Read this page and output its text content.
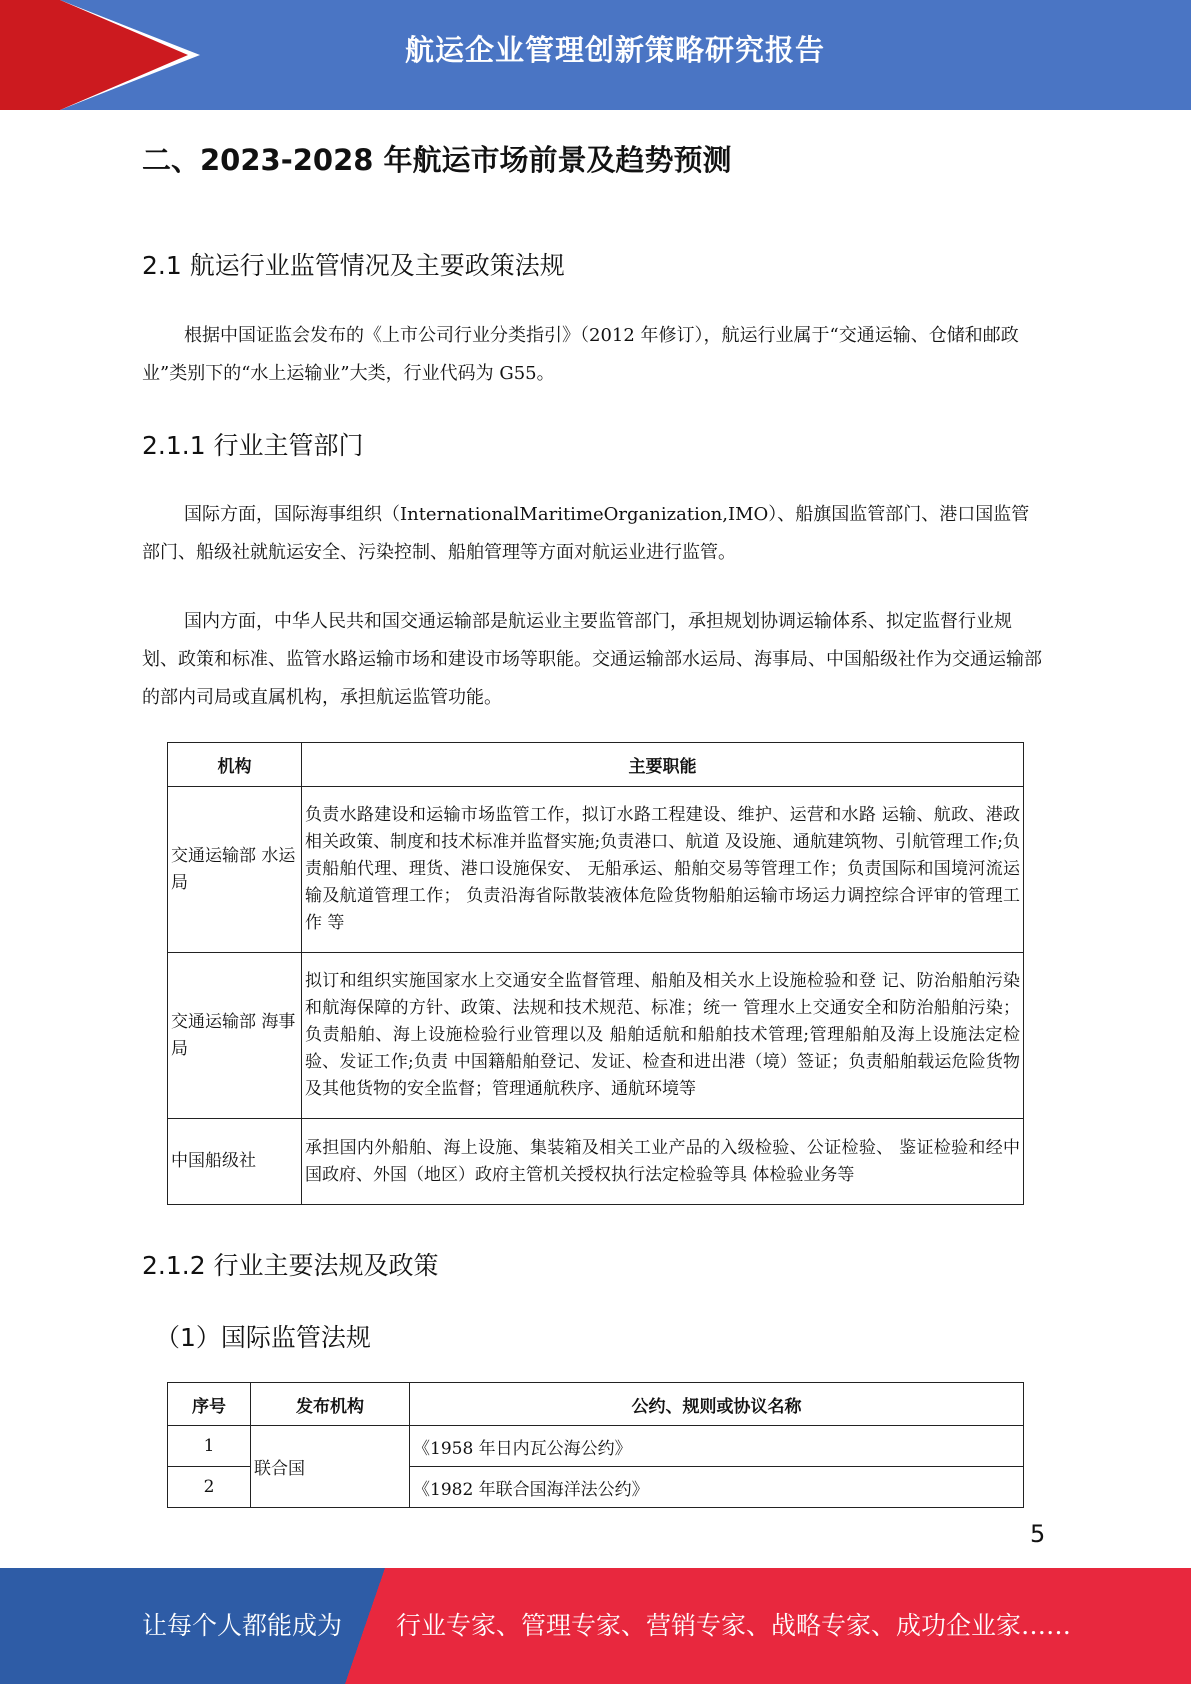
航运企业管理创新策略研究报告
二、2023-2028 年航运市场前景及趋势预测
2.1 航运行业监管情况及主要政策法规
根据中国证监会发布的《上市公司行业分类指引》（2012 年修订），航运行业属于“交通运输、仓储和邮政业”类别下的“水上运输业”大类，行业代码为 G55。
2.1.1 行业主管部门
国际方面，国际海事组织（InternationalMaritimeOrganization,IMO）、船旗国监管部门、港口国监管部门、船级社就航运安全、污染控制、船舶管理等方面对航运业进行监管。
国内方面，中华人民共和国交通运输部是航运业主要监管部门，承担规划协调运输体系、拟定监督行业规划、政策和标准、监管水路运输市场和建设市场等职能。交通运输部水运局、海事局、中国船级社作为交通运输部的部内司局或直属机构，承担航运监管功能。
机构	主要职能
交通运输部 水运局	负责水路建设和运输市场监管工作，拟订水路工程建设、维护、运营和水路 运输、航政、港政相关政策、制度和技术标准并监督实施;负责港口、航道 及设施、通航建筑物、引航管理工作;负责船舶代理、理货、港口设施保安、 无船承运、船舶交易等管理工作；负责国际和国境河流运输及航道管理工作； 负责沿海省际散装液体危险货物船舶运输市场运力调控综合评审的管理工作 等
交通运输部 海事局	拟订和组织实施国家水上交通安全监督管理、船舶及相关水上设施检验和登 记、防治船舶污染和航海保障的方针、政策、法规和技术规范、标准；统一 管理水上交通安全和防治船舶污染；负责船舶、海上设施检验行业管理以及 船舶适航和船舶技术管理;管理船舶及海上设施法定检验、发证工作;负责 中国籍船舶登记、发证、检查和进出港（境）签证；负责船舶载运危险货物 及其他货物的安全监督；管理通航秩序、通航环境等
中国船级社	承担国内外船舶、海上设施、集装箱及相关工业产品的入级检验、公证检验、 鉴证检验和经中国政府、外国（地区）政府主管机关授权执行法定检验等具 体检验业务等
2.1.2 行业主要法规及政策
（1）国际监管法规
序号	发布机构	公约、规则或协议名称
1	联合国	《1958 年日内瓦公海公约》
2		《1982 年联合国海洋法公约》
5
让每个人都能成为 行业专家、管理专家、营销专家、战略专家、成功企业家……
